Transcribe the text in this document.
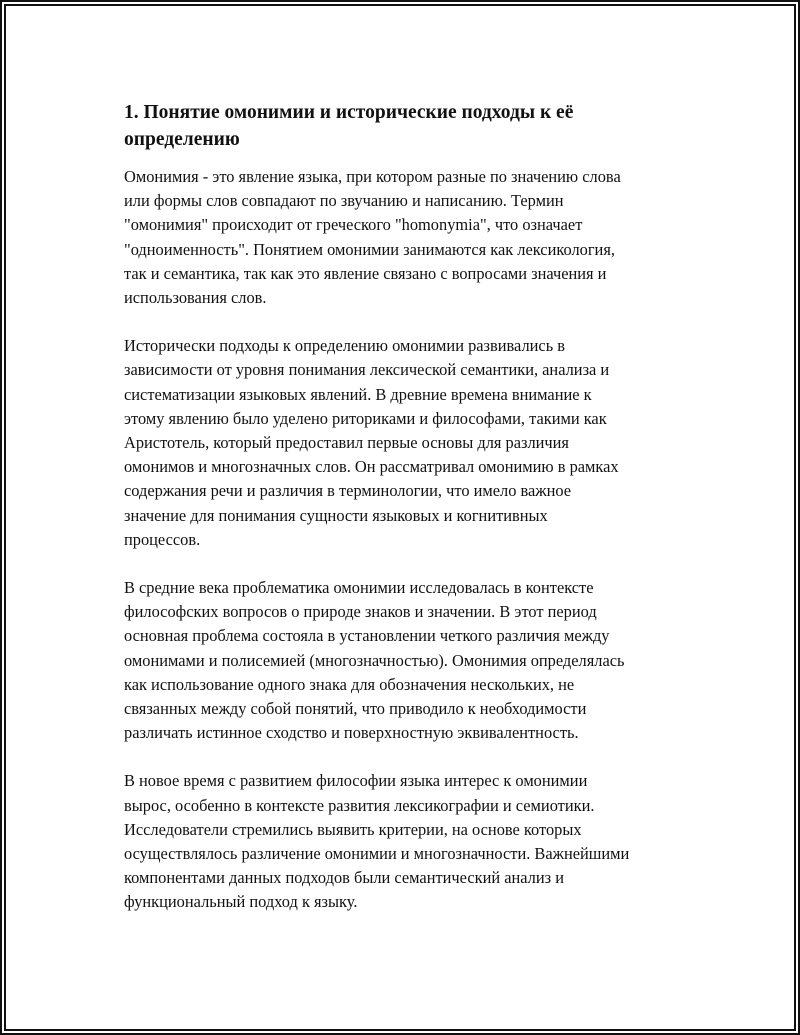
1. Понятие омонимии и исторические подходы к её
определению

Омонимия - это явление языка, при котором разные по значению слова
или формы слов совпадают по звучанию и написанию. Термин
"омонимия" происходит от греческого "homonymia", что означает
"одноименность". Понятием омонимии занимаются как лексикология,
так и семантика, так как это явление связано с вопросами значения и
использования слов.

Исторически подходы к определению омонимии развивались в
зависимости от уровня понимания лексической семантики, анализа и
систематизации языковых явлений. В древние времена внимание к
этому явлению было уделено риториками и философами, такими как
Аристотель, который предоставил первые основы для различия
омонимов и многозначных слов. Он рассматривал омонимию в рамках
содержания речи и различия в терминологии, что имело важное
значение для понимания сущности языковых и когнитивных
процессов.

В средние века проблематика омонимии исследовалась в контексте
философских вопросов о природе знаков и значении. В этот период
основная проблема состояла в установлении четкого различия между
омонимами и полисемией (многозначностью). Омонимия определялась
как использование одного знака для обозначения нескольких, не
связанных между собой понятий, что приводило к необходимости
различать истинное сходство и поверхностную эквивалентность.

В новое время с развитием философии языка интерес к омонимии
вырос, особенно в контексте развития лексикографии и семиотики.
Исследователи стремились выявить критерии, на основе которых
осуществлялось различение омонимии и многозначности. Важнейшими
компонентами данных подходов были семантический анализ и
функциональный подход к языку.
